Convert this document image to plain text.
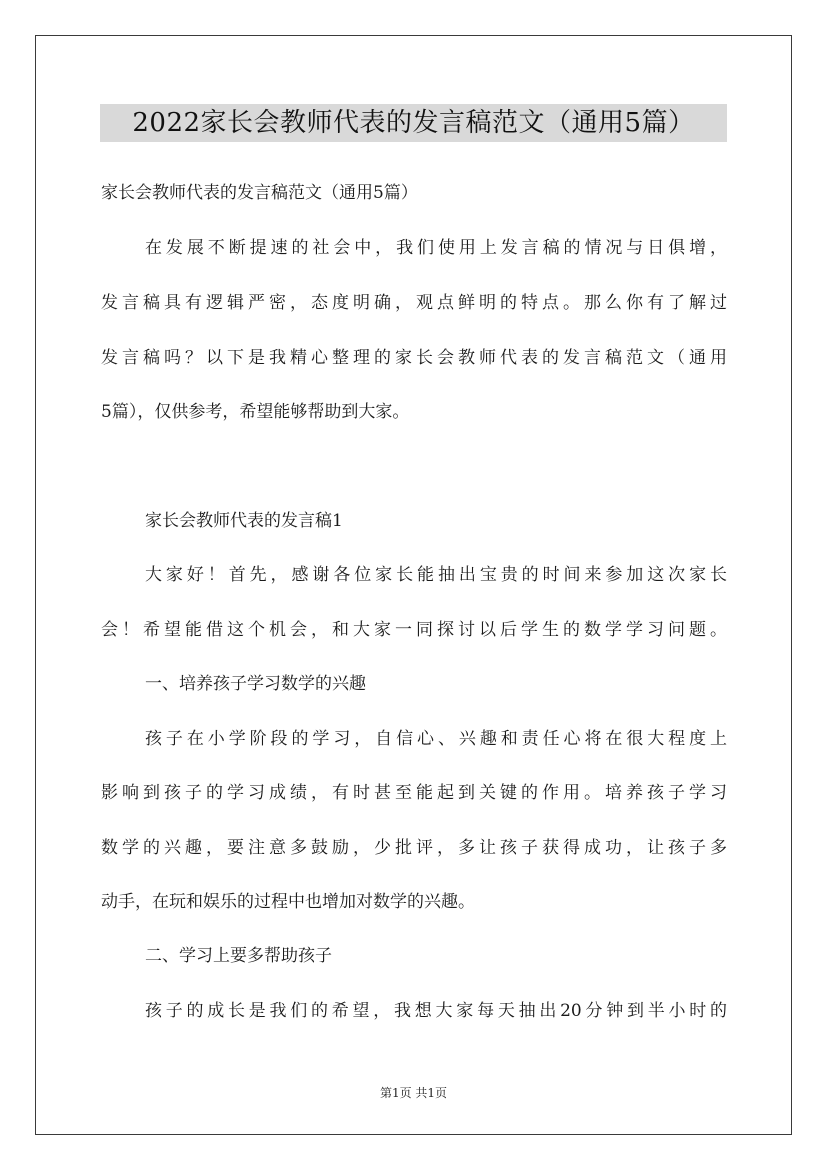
2022家长会教师代表的发言稿范文（通用5篇）
家长会教师代表的发言稿范文（通用5篇）
在发展不断提速的社会中，我们使用上发言稿的情况与日俱增，
发言稿具有逻辑严密，态度明确，观点鲜明的特点。那么你有了解过
发言稿吗？以下是我精心整理的家长会教师代表的发言稿范文（通用
5篇），仅供参考，希望能够帮助到大家。
家长会教师代表的发言稿1
大家好！首先，感谢各位家长能抽出宝贵的时间来参加这次家长
会！希望能借这个机会，和大家一同探讨以后学生的数学学习问题。
一、培养孩子学习数学的兴趣
孩子在小学阶段的学习，自信心、兴趣和责任心将在很大程度上
影响到孩子的学习成绩，有时甚至能起到关键的作用。培养孩子学习
数学的兴趣，要注意多鼓励，少批评，多让孩子获得成功，让孩子多
动手，在玩和娱乐的过程中也增加对数学的兴趣。
二、学习上要多帮助孩子
孩子的成长是我们的希望，我想大家每天抽出20分钟到半小时的
第1页 共1页
